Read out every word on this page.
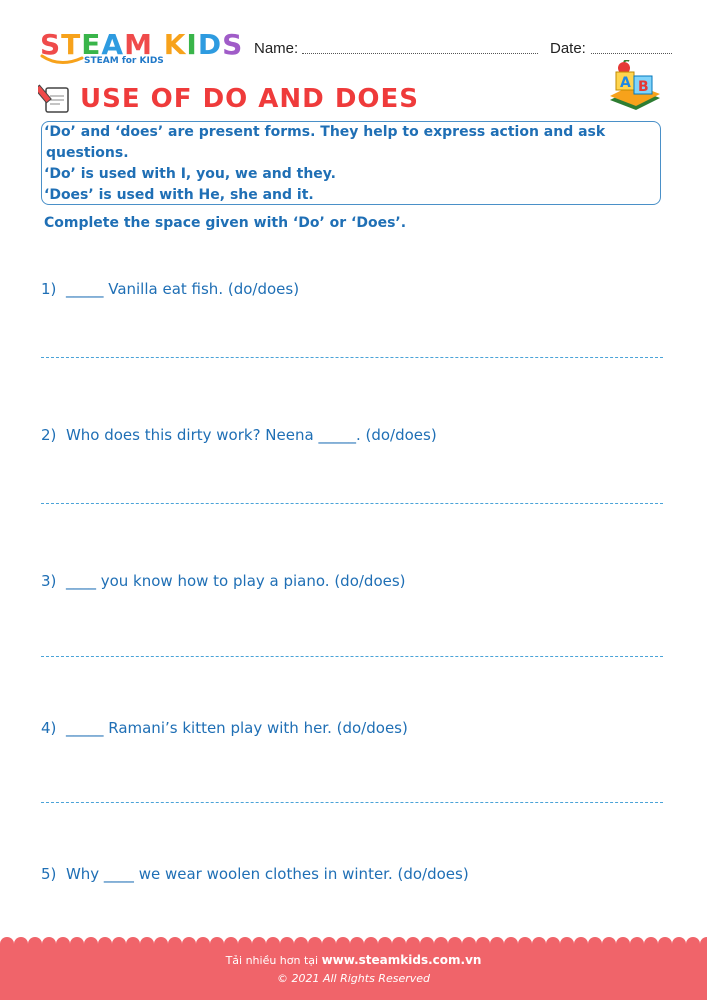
STEAM KIDS
STEAM for KIDS
Name:	Date:
USE OF DO AND DOES
A B
‘Do’ and ‘does’ are present forms. They help to express action and ask
questions.
‘Do’ is used with I, you, we and they.
‘Does’ is used with He, she and it.
Complete the space given with ‘Do’ or ‘Does’.
1) _____ Vanilla eat fish. (do/does)
2) Who does this dirty work? Neena _____. (do/does)
3) ____ you know how to play a piano. (do/does)
4) _____ Ramani’s kitten play with her. (do/does)
5) Why ____ we wear woolen clothes in winter. (do/does)
Tải nhiều hơn tại www.steamkids.com.vn
© 2021 All Rights Reserved
